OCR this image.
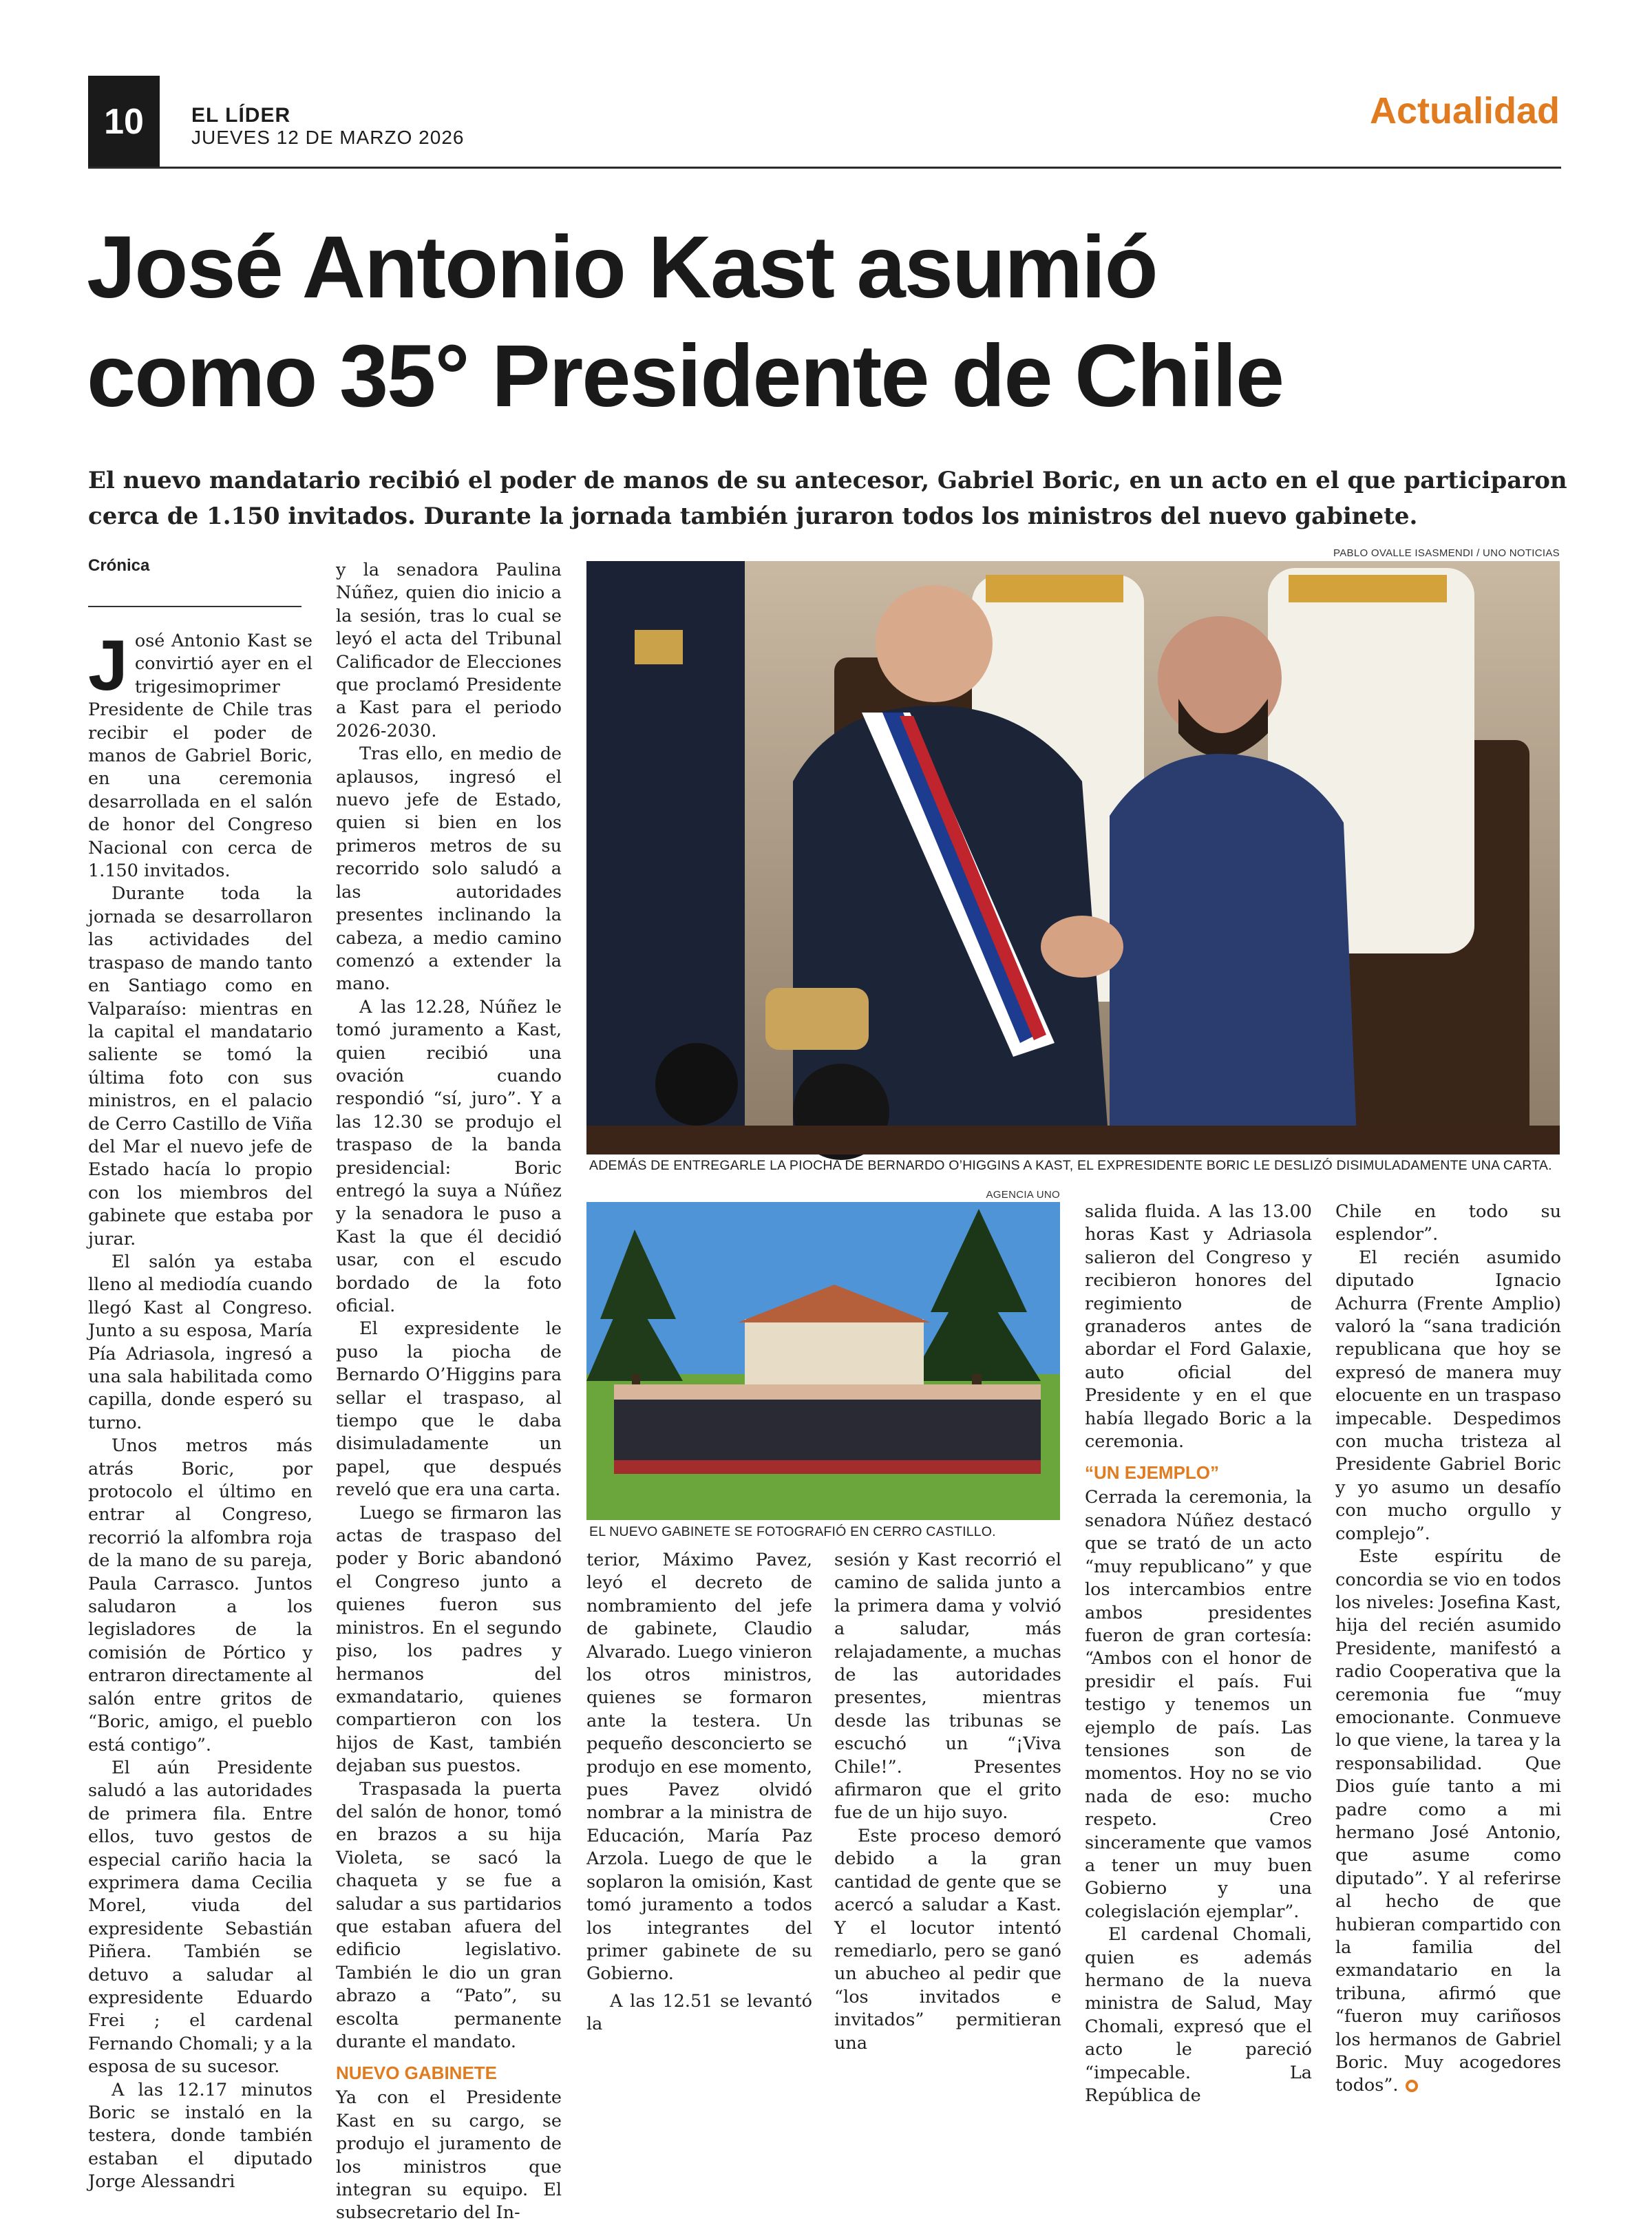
10	EL LÍDER
JUEVES 12 DE MARZO 2026
Actualidad
José Antonio Kast asumió
como 35° Presidente de Chile
El nuevo mandatario recibió el poder de manos de su antecesor, Gabriel Boric, en un acto en el que participaron cerca de 1.150 invitados. Durante la jornada también juraron todos los ministros del nuevo gabinete.
Crónica

José Antonio Kast se convirtió ayer en el trigesimoprimer Presidente de Chile tras recibir el poder de manos de Gabriel Boric, en una ceremonia desarrollada en el salón de honor del Congreso Nacional con cerca de 1.150 invitados.

Durante toda la jornada se desarrollaron las actividades del traspaso de mando tanto en Santiago como en Valparaíso: mientras en la capital el mandatario saliente se tomó la última foto con sus ministros, en el palacio de Cerro Castillo de Viña del Mar el nuevo jefe de Estado hacía lo propio con los miembros del gabinete que estaba por jurar.

El salón ya estaba lleno al mediodía cuando llegó Kast al Congreso. Junto a su esposa, María Pía Adriasola, ingresó a una sala habilitada como capilla, donde esperó su turno.

Unos metros más atrás Boric, por protocolo el último en entrar al Congreso, recorrió la alfombra roja de la mano de su pareja, Paula Carrasco. Juntos saludaron a los legisladores de la comisión de Pórtico y entraron directamente al salón entre gritos de “Boric, amigo, el pueblo está contigo”.

El aún Presidente saludó a las autoridades de primera fila. Entre ellos, tuvo gestos de especial cariño hacia la exprimera dama Cecilia Morel, viuda del expresidente Sebastián Piñera. También se detuvo a saludar al expresidente Eduardo Frei ; el cardenal Fernando Chomali; y a la esposa de su sucesor.

A las 12.17 minutos Boric se instaló en la testera, donde también estaban el diputado Jorge Alessandri

y la senadora Paulina Núñez, quien dio inicio a la sesión, tras lo cual se leyó el acta del Tribunal Calificador de Elecciones que proclamó Presidente a Kast para el periodo 2026-2030.

Tras ello, en medio de aplausos, ingresó el nuevo jefe de Estado, quien si bien en los primeros metros de su recorrido solo saludó a las autoridades presentes inclinando la cabeza, a medio camino comenzó a extender la mano.

A las 12.28, Núñez le tomó juramento a Kast, quien recibió una ovación cuando respondió “sí, juro”. Y a las 12.30 se produjo el traspaso de la banda presidencial: Boric entregó la suya a Núñez y la senadora le puso a Kast la que él decidió usar, con el escudo bordado de la foto oficial.

El expresidente le puso la piocha de Bernardo O’Higgins para sellar el traspaso, al tiempo que le daba disimuladamente un papel, que después reveló que era una carta.

Luego se firmaron las actas de traspaso del poder y Boric abandonó el Congreso junto a quienes fueron sus ministros. En el segundo piso, los padres y hermanos del exmandatario, quienes compartieron con los hijos de Kast, también dejaban sus puestos.

Traspasada la puerta del salón de honor, tomó en brazos a su hija Violeta, se sacó la chaqueta y se fue a saludar a sus partidarios que estaban afuera del edificio legislativo. También le dio un gran abrazo a “Pato”, su escolta permanente durante el mandato.

NUEVO GABINETE

Ya con el Presidente Kast en su cargo, se produjo el juramento de los ministros que integran su equipo. El subsecretario del In-

PABLO OVALLE ISASMENDI / UNO NOTICIAS
ADEMÁS DE ENTREGARLE LA PIOCHA DE BERNARDO O’HIGGINS A KAST, EL EXPRESIDENTE BORIC LE DESLIZÓ DISIMULADAMENTE UNA CARTA.
AGENCIA UNO
EL NUEVO GABINETE SE FOTOGRAFIÓ EN CERRO CASTILLO.

terior, Máximo Pavez, leyó el decreto de nombramiento del jefe de gabinete, Claudio Alvarado. Luego vinieron los otros ministros, quienes se formaron ante la testera. Un pequeño desconcierto se produjo en ese momento, pues Pavez olvidó nombrar a la ministra de Educación, María Paz Arzola. Luego de que le soplaron la omisión, Kast tomó juramento a todos los integrantes del primer gabinete de su Gobierno.

A las 12.51 se levantó la

sesión y Kast recorrió el camino de salida junto a la primera dama y volvió a saludar, más relajadamente, a muchas de las autoridades presentes, mientras desde las tribunas se escuchó un “¡Viva Chile!”. Presentes afirmaron que el grito fue de un hijo suyo.

Este proceso demoró debido a la gran cantidad de gente que se acercó a saludar a Kast. Y el locutor intentó remediarlo, pero se ganó un abucheo al pedir que “los invitados e invitados” permitieran una

salida fluida. A las 13.00 horas Kast y Adriasola salieron del Congreso y recibieron honores del regimiento de granaderos antes de abordar el Ford Galaxie, auto oficial del Presidente y en el que había llegado Boric a la ceremonia.

“UN EJEMPLO”

Cerrada la ceremonia, la senadora Núñez destacó que se trató de un acto “muy republicano” y que los intercambios entre ambos presidentes fueron de gran cortesía: “Ambos con el honor de presidir el país. Fui testigo y tenemos un ejemplo de país. Las tensiones son de momentos. Hoy no se vio nada de eso: mucho respeto. Creo sinceramente que vamos a tener un muy buen Gobierno y una colegislación ejemplar”.

El cardenal Chomali, quien es además hermano de la nueva ministra de Salud, May Chomali, expresó que el acto le pareció “impecable. La República de

Chile en todo su esplendor”.

El recién asumido diputado Ignacio Achurra (Frente Amplio) valoró la “sana tradición republicana que hoy se expresó de manera muy elocuente en un traspaso impecable. Despedimos con mucha tristeza al Presidente Gabriel Boric y yo asumo un desafío con mucho orgullo y complejo”.

Este espíritu de concordia se vio en todos los niveles: Josefina Kast, hija del recién asumido Presidente, manifestó a radio Cooperativa que la ceremonia fue “muy emocionante. Conmueve lo que viene, la tarea y la responsabilidad. Que Dios guíe tanto a mi padre como a mi hermano José Antonio, que asume como diputado”. Y al referirse al hecho de que hubieran compartido con la familia del exmandatario en la tribuna, afirmó que “fueron muy cariñosos los hermanos de Gabriel Boric. Muy acogedores todos”.
